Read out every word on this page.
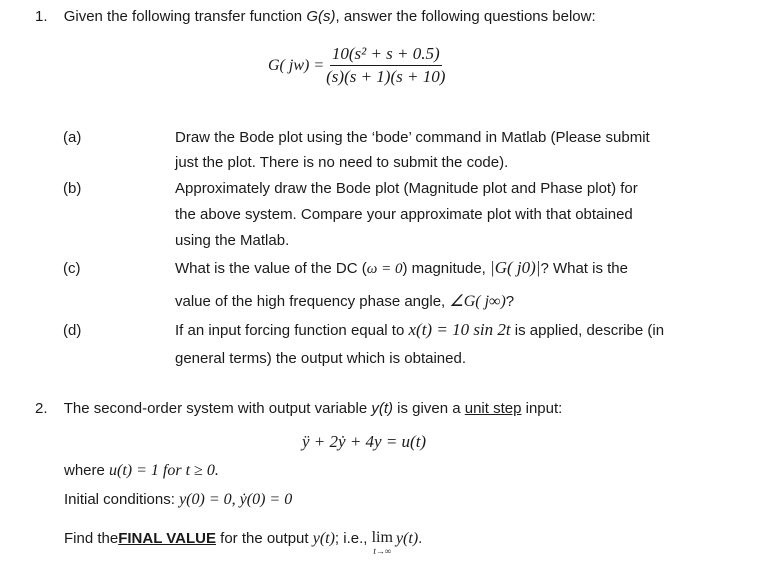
1. Given the following transfer function G(s), answer the following questions below:
G( $jw) = \frac{\text{10(s² + s + 0.5)}}{(s)(s + 1)(s + 10)}$
(a)	Draw the Bode plot using the ‘bode’ command in Matlab (Please submit
just the plot. There is no need to submit the code).
(b)	Approximately draw the Bode plot (Magnitude plot and Phase plot) for
the above system. Compare your approximate plot with that obtained
using the Matlab.
(c)	What is the value of the DC (ω = 0) magnitude, |G( j0)|? What is the
value of the high frequency phase angle, ∠G( j∞)?
(d)	If an input forcing function equal to x(t) = 10 sin 2t is applied, describe (in
general terms) the output which is obtained.
2. The second-order system with output variable y(t) is given a unit step input:
ÿ + 2ẏ + 4y = u(t)
where u(t) = 1 for t ≥ 0.
Initial conditions: y(0) = 0, ẏ(0) = 0
Find the FINAL VALUE for the output y(t) ; i.e., lim
t→∞
y(t) .
